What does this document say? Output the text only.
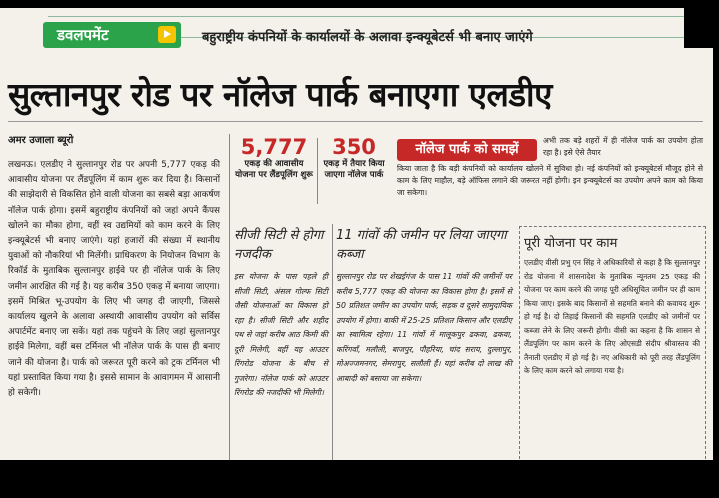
डवलपमेंट	बहुराष्ट्रीय कंपनियों के कार्यालयों के अलावा इन्क्यूबेटर्स भी बनाए जाएंगे
सुल्तानपुर रोड पर नॉलेज पार्क बनाएगा एलडीए
अमर उजाला ब्यूरो
लखनऊ। एलडीए ने सुल्तानपुर रोड पर अपनी 5,777 एकड़ की आवासीय योजना पर लैंडपूलिंग में काम शुरू कर दिया है। किसानों की साझेदारी से विकसित होने वाली योजना का सबसे बड़ा आकर्षण नॉलेज पार्क होगा। इसमें बहुराष्ट्रीय कंपनियों को जहां अपने कैंपस खोलने का मौका होगा, वहीं स्व उद्यमियों को काम करने के लिए इन्क्यूबेटर्स भी बनाए जाएंगे। यहां हजारों की संख्या में स्थानीय युवाओं को नौकरियां भी मिलेंगी। प्राधिकरण के नियोजन विभाग के रिकॉर्ड के मुताबिक सुल्तानपुर हाईवे पर ही नॉलेज पार्क के लिए जमीन आरक्षित की गई है। यह करीब 350 एकड़ में बनाया जाएगा। इसमें मिश्रित भू-उपयोग के लिए भी जगह दी जाएगी, जिससे कार्यालय खुलने के अलावा अस्थायी आवासीय उपयोग को सर्विस अपार्टमेंट बनाए जा सकें। यहां तक पहुंचने के लिए जहां सुल्तानपुर हाईवे मिलेगा, वहीं बस टर्मिनल भी नॉलेज पार्क के पास ही बनाए जाने की योजना है। पार्क को जरूरत पूरी करने को ट्रक टर्मिनल भी यहां प्रस्तावित किया गया है। इससे सामान के आवागमन में आसानी हो सकेगी।
5,777
एकड़ की आवासीय योजना पर लैंडपूलिंग शुरू
350
एकड़ में तैयार किया जाएगा नॉलेज पार्क
नॉलेज पार्क को समझें
अभी तक बड़े शहरों में ही नॉलेज पार्क का उपयोग होता रहा है। इसे ऐसे तैयार
किया जाता है कि बड़ी कंपनियों को कार्यालय खोलने में सुविधा हो। नई कंपनियों को इन्क्यूबेटर्स मौजूद होने से काम के लिए माहौल, बड़े ऑफिस लगाने की जरूरत नहीं होगी। इन इन्क्यूबेटर्स का उपयोग अपने काम को किया जा सकेगा।
सीजी सिटी से होगा नजदीक
इस योजना के पास पहले ही सीजी सिटी, अंसल गोल्फ सिटी जैसी योजनाओं का विकास हो रहा है। सीजी सिटी और शहीद पथ से जहां करीब आठ किमी की दूरी मिलेगी, वहीं यह आउटर रिंगरोड योजना के बीच से गुजरेगा। नॉलेज पार्क को आउटर रिंगरोड की नजदीकी भी मिलेगी।
11 गांवों की जमीन पर लिया जाएगा कब्जा
सुल्तानपुर रोड पर शेखईगंज के पास 11 गांवों की जमीनों पर करीब 5,777 एकड़ की योजना का विकास होगा है। इसमें से 50 प्रतिशत जमीन का उपयोग पार्क, सड़क व दूसरे सामुदायिक उपयोग में होगा। बाकी में 25-25 प्रतिशत किसान और एलडीए का स्वामित्व रहेगा। 11 गांवों में मालूकपुर ढकवा, ढकवा, करिंगवाँ, मलौली, बाजपुर, पौहरिया, चांद सराय, दुल्लापुर, मोअज्जमनगर, सेमरापुर, सलौली हैं। यहां करीब दो लाख की आबादी को बसाया जा सकेगा।
पूरी योजना पर काम
एलडीए वीसी प्रभु एन सिंह ने अधिकारियों से कहा है कि सुल्तानपुर रोड योजना में शासनादेश के मुताबिक न्यूनतम 25 एकड़ की योजना पर काम करने की जगह पूरी अधिसूचित जमीन पर ही काम किया जाए। इसके बाद किसानों से सहमति बनाने की कवायद शुरू हो गई है। दो तिहाई किसानों की सहमति एलडीए को जमीनों पर कब्जा लेने के लिए जरूरी होगी। वीसी का कहना है कि शासन से लैंडपूलिंग पर काम करने के लिए ओएसडी संदीप श्रीवास्तव की तैनाती एलडीए में हो गई है। नए अधिकारी को पूरी तरह लैंडपूलिंग के लिए काम करने को लगाया गया है।
